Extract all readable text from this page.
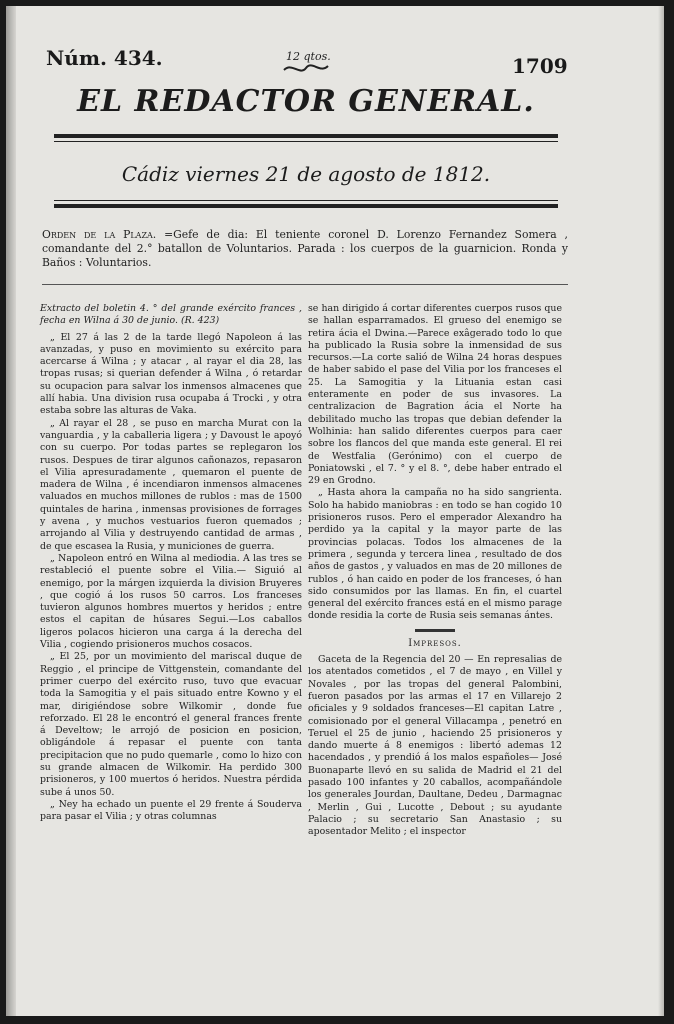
Núm. 434.	12 qtos.	1709
EL REDACTOR GENERAL.
Cádiz viernes 21 de agosto de 1812.
Orden de la Plaza. =Gefe de dia: El teniente coronel D. Lorenzo Fernandez Somera , comandante del 2.° batallon de Voluntarios. Parada : los cuerpos de la guarnicion. Ronda y Baños : Voluntarios.

Extracto del boletin 4. ° del grande exército frances , fecha en Wilna á 30 de junio. (R. 423)

„ El 27 á las 2 de la tarde llegó Napoleon á las avanzadas, y puso en movimiento su exército para acercarse á Wilna ; y atacar , al rayar el dia 28, las tropas rusas; si querian defender á Wilna , ó retardar su ocupacion para salvar los inmensos almacenes que allí habia. Una division rusa ocupaba á Trocki , y otra estaba sobre las alturas de Vaka.

„ Al rayar el 28 , se puso en marcha Murat con la vanguardia , y la caballeria ligera ; y Davoust le apoyó con su cuerpo. Por todas partes se replegaron los rusos. Despues de tirar algunos cañonazos, repasaron el Vilia apresuradamente , quemaron el puente de madera de Wilna , é incendiaron inmensos almacenes valuados en muchos millones de rublos : mas de 1500 quintales de harina , inmensas provisiones de forrages y avena , y muchos vestuarios fueron quemados ; arrojando al Vilia y destruyendo cantidad de armas , de que escasea la Rusia, y municiones de guerra.

„ Napoleon entró en Wilna al mediodia. A las tres se restableció el puente sobre el Vilia.— Siguió al enemigo, por la márgen izquierda la division Bruyeres , que cogió á los rusos 50 carros. Los franceses tuvieron algunos hombres muertos y heridos ; entre estos el capitan de húsares Segui.—Los caballos ligeros polacos hicieron una carga á la derecha del Vilia , cogiendo prisioneros muchos cosacos.

„ El 25, por un movimiento del mariscal duque de Reggio , el principe de Vittgenstein, comandante del primer cuerpo del exército ruso, tuvo que evacuar toda la Samogitia y el pais situado entre Kowno y el mar, dirigiéndose sobre Wilkomir , donde fue reforzado. El 28 le encontró el general frances frente á Develtow; le arrojó de posicion en posicion, obligándole á repasar el puente con tanta precipitacion que no pudo quemarle , como lo hizo con su grande almacen de Wilkomir. Ha perdido 300 prisioneros, y 100 muertos ó heridos. Nuestra pérdida sube á unos 50.

„ Ney ha echado un puente el 29 frente á Souderva para pasar el Vilia ; y otras columnas

se han dirigido á cortar diferentes cuerpos rusos que se hallan esparramados. El grueso del enemigo se retira ácia el Dwina.—Parece exâgerado todo lo que ha publicado la Rusia sobre la inmensidad de sus recursos.—La corte salió de Wilna 24 horas despues de haber sabido el pase del Vilia por los franceses el 25. La Samogitia y la Lituania estan casi enteramente en poder de sus invasores. La centralizacion de Bagration ácia el Norte ha debilitado mucho las tropas que debian defender la Wolhinia: han salido diferentes cuerpos para caer sobre los flancos del que manda este general. El rei de Westfalia (Gerónimo) con el cuerpo de Poniatowski , el 7. ° y el 8. °, debe haber entrado el 29 en Grodno.

„ Hasta ahora la campaña no ha sido sangrienta. Solo ha habido maniobras : en todo se han cogido 10 prisioneros rusos. Pero el emperador Alexandro ha perdido ya la capital y la mayor parte de las provincias polacas. Todos los almacenes de la primera , segunda y tercera linea , resultado de dos años de gastos , y valuados en mas de 20 millones de rublos , ó han caido en poder de los franceses, ó han sido consumidos por las llamas. En fin, el cuartel general del exército frances está en el mismo parage donde residia la corte de Rusia seis semanas ántes.

Impresos.

Gaceta de la Regencia del 20 — En represalias de los atentados cometidos , el 7 de mayo , en Villel y Novales , por las tropas del general Palombini, fueron pasados por las armas el 17 en Villarejo 2 oficiales y 9 soldados franceses—El capitan Latre , comisionado por el general Villacampa , penetró en Teruel el 25 de junio , haciendo 25 prisioneros y dando muerte á 8 enemigos : libertó ademas 12 hacendados , y prendió á los malos españoles— José Buonaparte llevó en su salida de Madrid el 21 del pasado 100 infantes y 20 caballos, acompañándole los generales Jourdan, Daultane, Dedeu , Darmagnac , Merlin , Gui , Lucotte , Debout ; su ayudante Palacio ; su secretario San Anastasio ; su aposentador Melito ; el inspector
